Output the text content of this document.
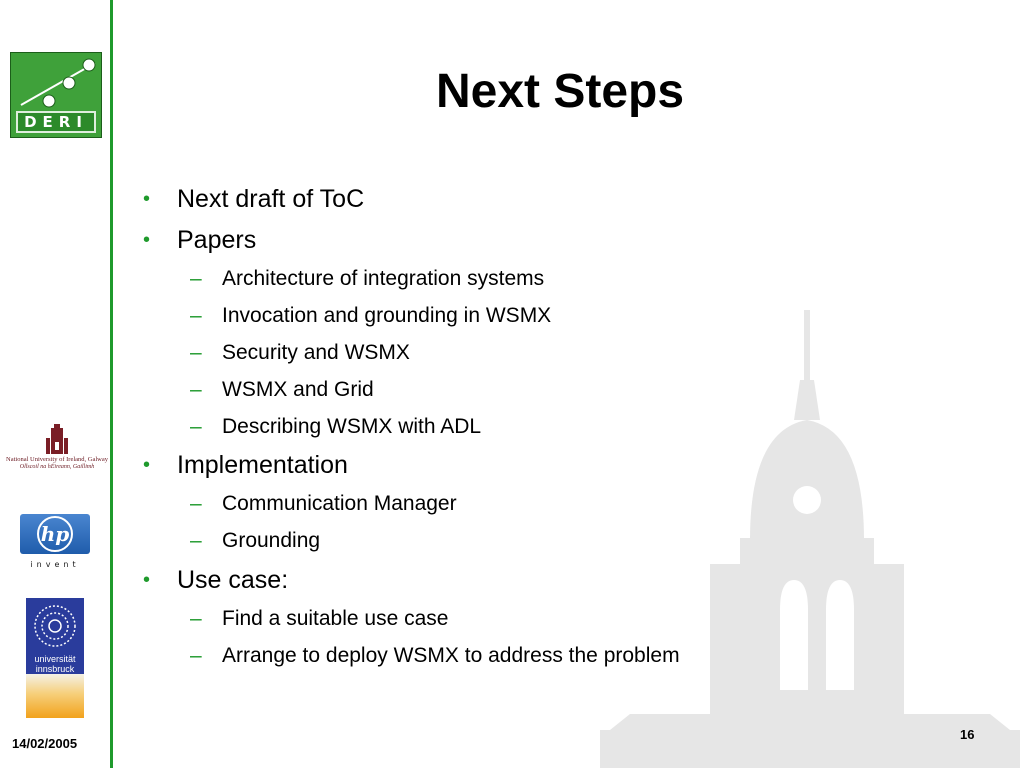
DERI
National University of Ireland, Galway
Ollscoil na hÉireann, Gaillimh
hp
invent
universität
innsbruck
Next Steps
• Next draft of ToC
• Papers
– Architecture of integration systems
– Invocation and grounding in WSMX
– Security and WSMX
– WSMX and Grid
– Describing WSMX with ADL
• Implementation
– Communication Manager
– Grounding
• Use case:
– Find a suitable use case
– Arrange to deploy WSMX to address the problem
14/02/2005
16
